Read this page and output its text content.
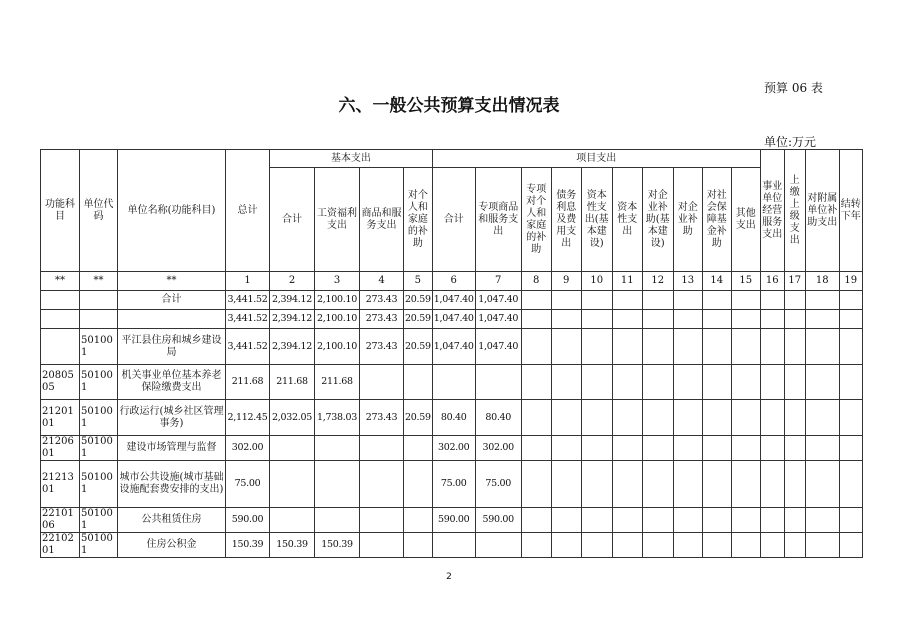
预算 06 表
六、一般公共预算支出情况表
单位:万元
功能科目	单位代码	单位名称(功能科目)	总计	基本支出				项目支出										事业单位经营服务支出	上缴上级支出	对附属单位补助支出	结转下年
				合计	工资福利支出	商品和服务支出	对个人和家庭的补助	合计	专项商品和服务支出	专项对个人和家庭的补助	债务利息及费用支出	资本性支出(基本建设)	资本性支出	对企业补助(基本建设)	对企业补助	对社会保障基金补助	其他支出				
**	**	**	1	2	3	4	5	6	7	8	9	10	11	12	13	14	15	16	17	18	19
		合计	3,441.52	2,394.12	2,100.10	273.43	20.59	1,047.40	1,047.40												
			3,441.52	2,394.12	2,100.10	273.43	20.59	1,047.40	1,047.40												
	501001	平江县住房和城乡建设局	3,441.52	2,394.12	2,100.10	273.43	20.59	1,047.40	1,047.40												
2080505	501001	机关事业单位基本养老保险缴费支出	211.68	211.68	211.68																
2120101	501001	行政运行(城乡社区管理事务)	2,112.45	2,032.05	1,738.03	273.43	20.59	80.40	80.40												
2120601	501001	建设市场管理与监督	302.00					302.00	302.00												
2121301	501001	城市公共设施(城市基础设施配套费安排的支出)	75.00					75.00	75.00												
2210106	501001	公共租赁住房	590.00					590.00	590.00												
2210201	501001	住房公积金	150.39	150.39	150.39																
2
